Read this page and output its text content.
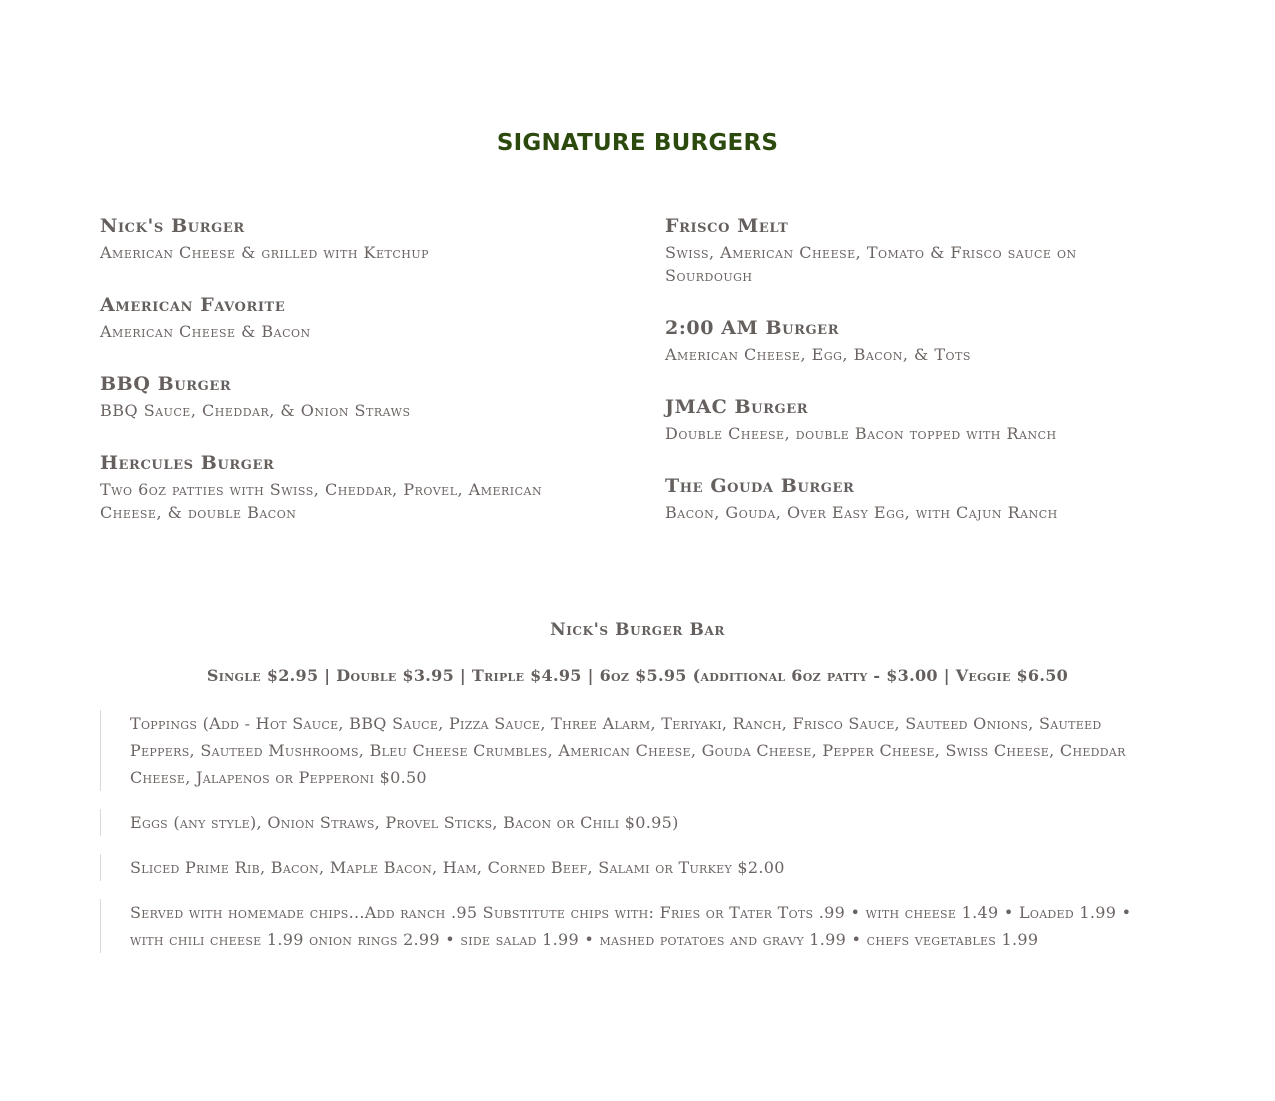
SIGNATURE BURGERS
Nick's Burger
American Cheese & grilled with Ketchup
American Favorite
American Cheese & Bacon
BBQ Burger
BBQ Sauce, Cheddar, & Onion Straws
Hercules Burger
Two 6oz patties with Swiss, Cheddar, Provel, American Cheese, & double Bacon
Frisco Melt
Swiss, American Cheese, Tomato & Frisco sauce on Sourdough
2:00 AM Burger
American Cheese, Egg, Bacon, & Tots
JMAC Burger
Double Cheese, double Bacon topped with Ranch
The Gouda Burger
Bacon, Gouda, Over Easy Egg, with Cajun Ranch
Nick's Burger Bar
Single $2.95 | Double $3.95 | Triple $4.95 | 6oz $5.95 (additional 6oz patty - $3.00 | Veggie $6.50
Toppings (Add - Hot Sauce, BBQ Sauce, Pizza Sauce, Three Alarm, Teriyaki, Ranch, Frisco Sauce, Sauteed Onions, Sauteed Peppers, Sauteed Mushrooms, Bleu Cheese Crumbles, American Cheese, Gouda Cheese, Pepper Cheese, Swiss Cheese, Cheddar Cheese, Jalapenos or Pepperoni $0.50
Eggs (any style), Onion Straws, Provel Sticks, Bacon or Chili $0.95)
Sliced Prime Rib, Bacon, Maple Bacon, Ham, Corned Beef, Salami or Turkey $2.00
Served with homemade chips...Add ranch .95 Substitute chips with: Fries or Tater Tots .99 • with cheese 1.49 • Loaded 1.99 • with chili cheese 1.99 onion rings 2.99 • side salad 1.99 • mashed potatoes and gravy 1.99 • chefs vegetables 1.99
